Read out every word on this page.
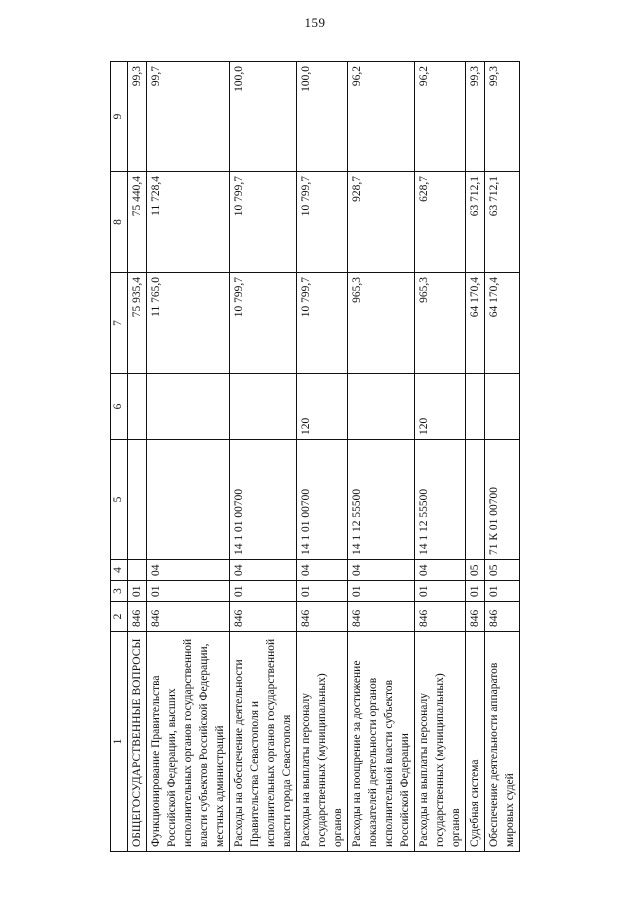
159
1	2	3	4	5	6	7	8	9
ОБЩЕГОСУДАРСТВЕННЫЕ ВОПРОСЫ	846	01				75 935,4	75 440,4	99,3
Функционирование Правительства Российской Федерации, высших исполнительных органов государственной власти субъектов Российской Федерации, местных администраций	846	01	04			11 765,0	11 728,4	99,7
Расходы на обеспечение деятельности Правительства Севастополя и исполнительных органов государственной власти города Севастополя	846	01	04	14 1 01 00700		10 799,7	10 799,7	100,0
Расходы на выплаты персоналу государственных (муниципальных) органов	846	01	04	14 1 01 00700	120	10 799,7	10 799,7	100,0
Расходы на поощрение за достижение показателей деятельности органов исполнительной власти субъектов Российской Федерации	846	01	04	14 1 12 55500		965,3	928,7	96,2
Расходы на выплаты персоналу государственных (муниципальных) органов	846	01	04	14 1 12 55500	120	965,3	628,7	96,2
Судебная система	846	01	05			64 170,4	63 712,1	99,3
Обеспечение деятельности аппаратов мировых судей	846	01	05	71 К 01 00700		64 170,4	63 712,1	99,3
